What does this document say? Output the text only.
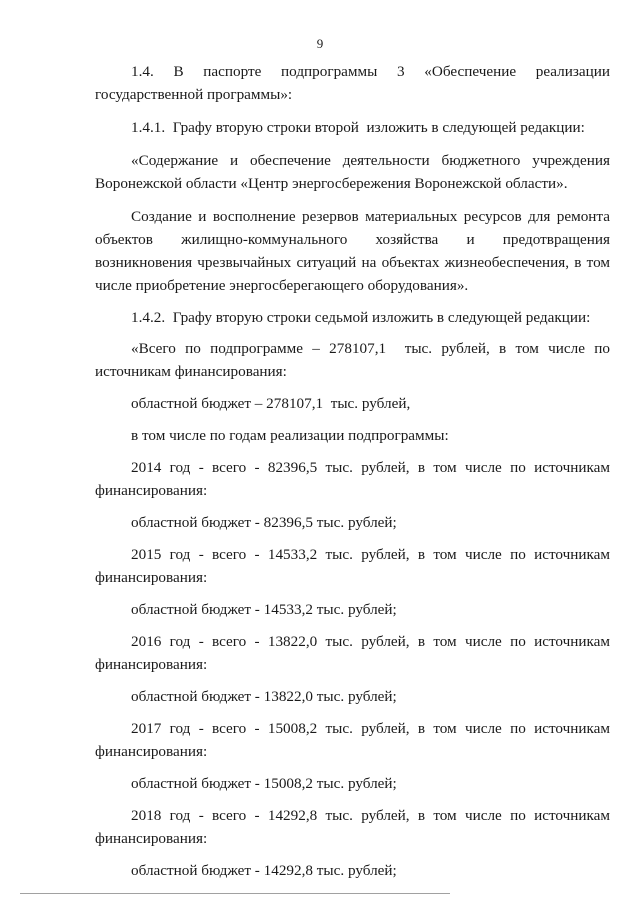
9

1.4.    В    паспорте    подпрограммы    3    «Обеспечение    реализации государственной программы»:

1.4.1.  Графу вторую строки второй  изложить в следующей редакции:

«Содержание и обеспечение деятельности бюджетного учреждения Воронежской области «Центр энергосбережения Воронежской области».

Создание и восполнение резервов материальных ресурсов для ремонта объектов жилищно-коммунального хозяйства и предотвращения возникновения чрезвычайных ситуаций на объектах жизнеобеспечения, в том числе приобретение энергосберегающего оборудования».

1.4.2.  Графу вторую строки седьмой изложить в следующей редакции:

«Всего по подпрограмме – 278107,1  тыс. рублей, в том числе по источникам финансирования:

областной бюджет – 278107,1  тыс. рублей,

в том числе по годам реализации подпрограммы:

2014 год - всего - 82396,5 тыс. рублей, в том числе по источникам финансирования:

областной бюджет - 82396,5 тыс. рублей;

2015 год - всего - 14533,2 тыс. рублей, в том числе по источникам финансирования:

областной бюджет - 14533,2 тыс. рублей;

2016 год - всего - 13822,0 тыс. рублей, в том числе по источникам финансирования:

областной бюджет - 13822,0 тыс. рублей;

2017 год - всего - 15008,2 тыс. рублей, в том числе по источникам финансирования:

областной бюджет - 15008,2 тыс. рублей;

2018 год - всего - 14292,8 тыс. рублей, в том числе по источникам финансирования:

областной бюджет - 14292,8 тыс. рублей;
